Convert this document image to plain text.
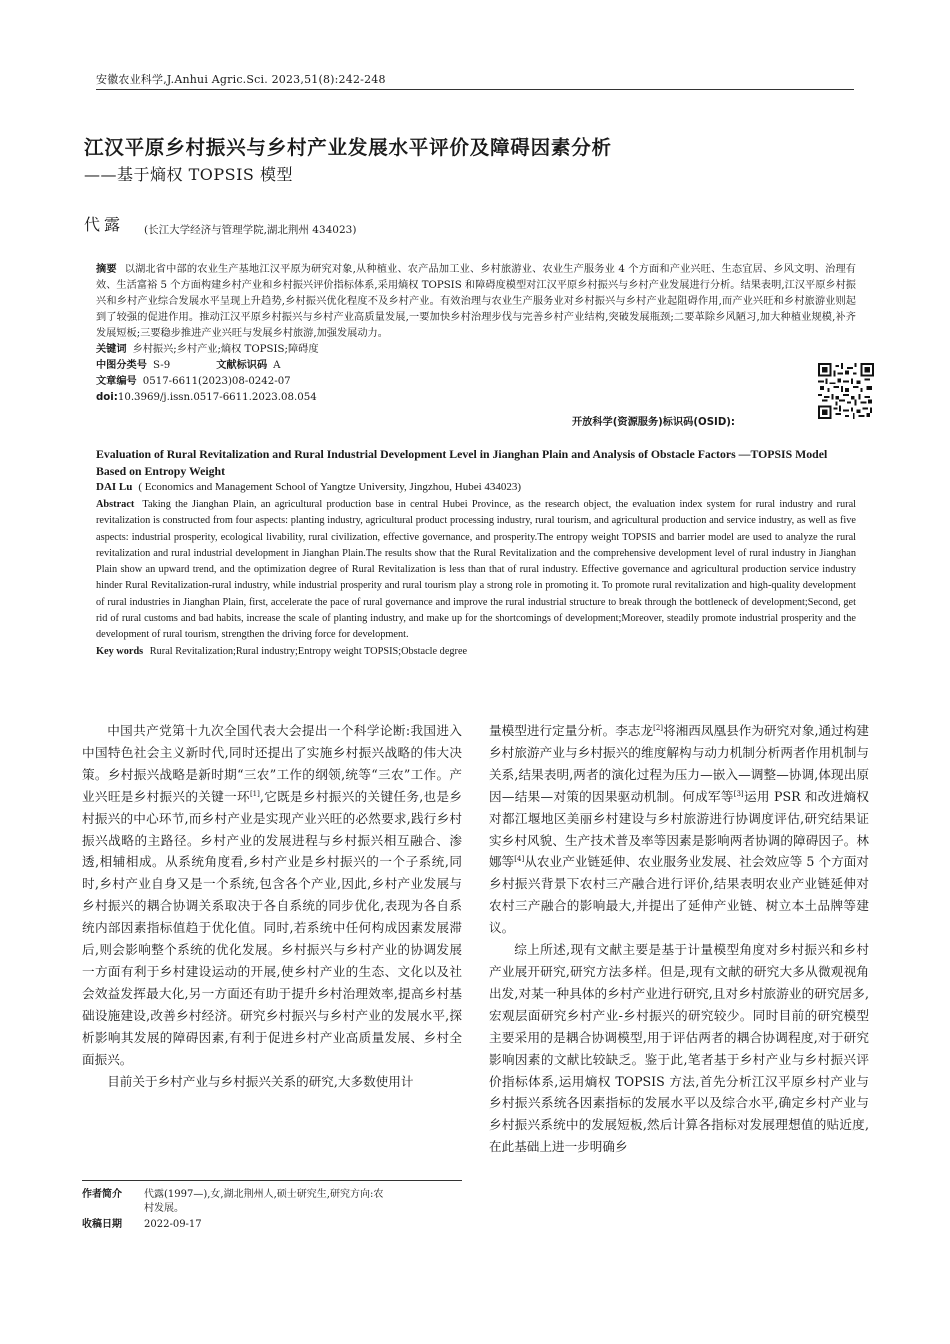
安徽农业科学,J.Anhui Agric.Sci. 2023,51(8):242-248
江汉平原乡村振兴与乡村产业发展水平评价及障碍因素分析
——基于熵权 TOPSIS 模型
代露 (长江大学经济与管理学院,湖北荆州 434023)
摘要 以湖北省中部的农业生产基地江汉平原为研究对象,从种植业、农产品加工业、乡村旅游业、农业生产服务业 4 个方面和产业兴旺、生态宜居、乡风文明、治理有效、生活富裕 5 个方面构建乡村产业和乡村振兴评价指标体系,采用熵权 TOPSIS 和障碍度模型对江汉平原乡村振兴与乡村产业发展进行分析。结果表明,江汉平原乡村振兴和乡村产业综合发展水平呈现上升趋势,乡村振兴优化程度不及乡村产业。有效治理与农业生产服务业对乡村振兴与乡村产业起阻碍作用,而产业兴旺和乡村旅游业则起到了较强的促进作用。推动江汉平原乡村振兴与乡村产业高质量发展,一要加快乡村治理步伐与完善乡村产业结构,突破发展瓶颈;二要革除乡风陋习,加大种植业规模,补齐发展短板;三要稳步推进产业兴旺与发展乡村旅游,加强发展动力。
关键词 乡村振兴;乡村产业;熵权 TOPSIS;障碍度
中图分类号 S-9	文献标识码 A
文章编号 0517-6611(2023)08-0242-07
doi:10.3969/j.issn.0517-6611.2023.08.054
开放科学(资源服务)标识码(OSID):
Evaluation of Rural Revitalization and Rural Industrial Development Level in Jianghan Plain and Analysis of Obstacle Factors —TOPSIS Model Based on Entropy Weight
DAI Lu ( Economics and Management School of Yangtze University, Jingzhou, Hubei 434023)
Abstract Taking the Jianghan Plain, an agricultural production base in central Hubei Province, as the research object, the evaluation index system for rural industry and rural revitalization is constructed from four aspects: planting industry, agricultural product processing industry, rural tourism, and agricultural production and service industry, as well as five aspects: industrial prosperity, ecological livability, rural civilization, effective governance, and prosperity.The entropy weight TOPSIS and barrier model are used to analyze the rural revitalization and rural industrial development in Jianghan Plain.The results show that the Rural Revitalization and the comprehensive development level of rural industry in Jianghan Plain show an upward trend, and the optimization degree of Rural Revitalization is less than that of rural industry. Effective governance and agricultural production service industry hinder Rural Revitalization-rural industry, while industrial prosperity and rural tourism play a strong role in promoting it. To promote rural revitalization and high-quality development of rural industries in Jianghan Plain, first, accelerate the pace of rural governance and improve the rural industrial structure to break through the bottleneck of development;Second, get rid of rural customs and bad habits, increase the scale of planting industry, and make up for the shortcomings of development;Moreover, steadily promote industrial prosperity and the development of rural tourism, strengthen the driving force for development.
Key words Rural Revitalization;Rural industry;Entropy weight TOPSIS;Obstacle degree

中国共产党第十九次全国代表大会提出一个科学论断:我国进入中国特色社会主义新时代,同时还提出了实施乡村振兴战略的伟大决策。乡村振兴战略是新时期“三农”工作的纲领,统等“三农”工作。产业兴旺是乡村振兴的关键一环[1],它既是乡村振兴的关键任务,也是乡村振兴的中心环节,而乡村产业是实现产业兴旺的必然要求,践行乡村振兴战略的主路径。乡村产业的发展进程与乡村振兴相互融合、渗透,相辅相成。从系统角度看,乡村产业是乡村振兴的一个子系统,同时,乡村产业自身又是一个系统,包含各个产业,因此,乡村产业发展与乡村振兴的耦合协调关系取决于各自系统的同步优化,表现为各自系统内部因素指标值趋于优化值。同时,若系统中任何构成因素发展滞后,则会影响整个系统的优化发展。乡村振兴与乡村产业的协调发展一方面有利于乡村建设运动的开展,使乡村产业的生态、文化以及社会效益发挥最大化,另一方面还有助于提升乡村治理效率,提高乡村基础设施建设,改善乡村经济。研究乡村振兴与乡村产业的发展水平,探析影响其发展的障碍因素,有利于促进乡村产业高质量发展、乡村全面振兴。

目前关于乡村产业与乡村振兴关系的研究,大多数使用计

量模型进行定量分析。李志龙[2]将湘西凤凰县作为研究对象,通过构建乡村旅游产业与乡村振兴的维度解构与动力机制分析两者作用机制与关系,结果表明,两者的演化过程为压力—嵌入—调整—协调,体现出原因—结果—对策的因果驱动机制。何成军等[3]运用 PSR 和改进熵权对都江堰地区美丽乡村建设与乡村旅游进行协调度评估,研究结果证实乡村风貌、生产技术普及率等因素是影响两者协调的障碍因子。林娜等[4]从农业产业链延伸、农业服务业发展、社会效应等 5 个方面对乡村振兴背景下农村三产融合进行评价,结果表明农业产业链延伸对农村三产融合的影响最大,并提出了延伸产业链、树立本土品牌等建议。

综上所述,现有文献主要是基于计量模型角度对乡村振兴和乡村产业展开研究,研究方法多样。但是,现有文献的研究大多从微观视角出发,对某一种具体的乡村产业进行研究,且对乡村旅游业的研究居多,宏观层面研究乡村产业-乡村振兴的研究较少。同时目前的研究模型主要采用的是耦合协调模型,用于评估两者的耦合协调程度,对于研究影响因素的文献比较缺乏。鉴于此,笔者基于乡村产业与乡村振兴评价指标体系,运用熵权 TOPSIS 方法,首先分析江汉平原乡村产业与乡村振兴系统各因素指标的发展水平以及综合水平,确定乡村产业与乡村振兴系统中的发展短板,然后计算各指标对发展理想值的贴近度,在此基础上进一步明确乡

作者简介 代露(1997—),女,湖北荆州人,硕士研究生,研究方向:农
村发展。
收稿日期 2022-09-17
